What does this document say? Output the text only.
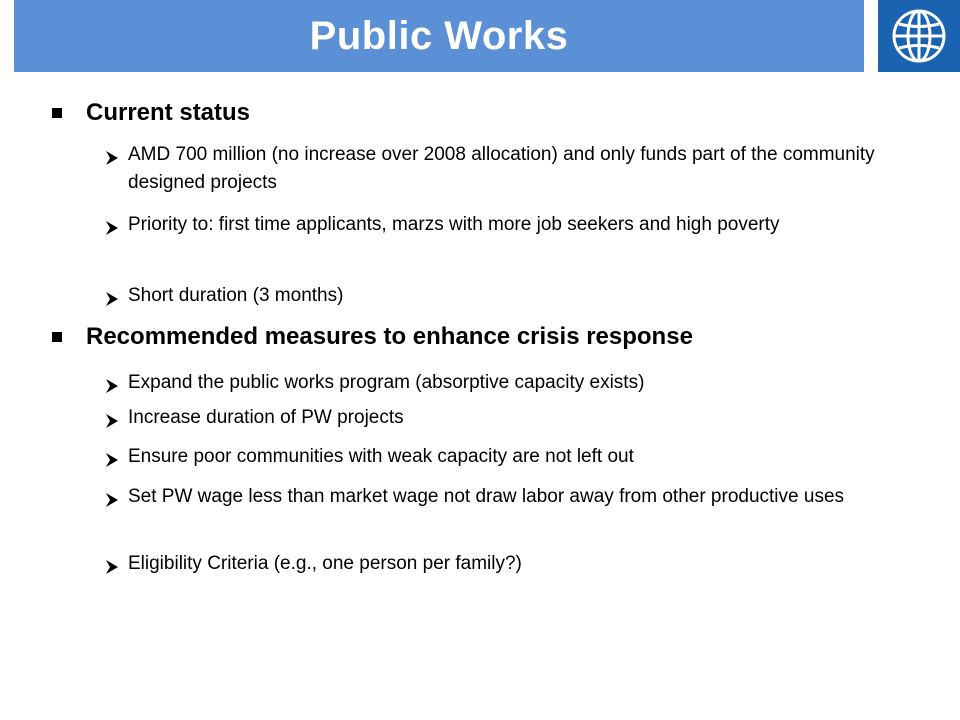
Public Works
Current status
AMD 700 million (no increase over 2008 allocation) and only funds part of the community designed projects
Priority to: first time applicants, marzs with more job seekers and high poverty
Short duration (3 months)
Recommended measures to enhance crisis response
Expand the public works program (absorptive capacity exists)
Increase duration of PW projects
Ensure poor communities with weak capacity are not left out
Set PW wage less than market wage not draw labor away from other productive uses
Eligibility Criteria (e.g., one person per family?)
